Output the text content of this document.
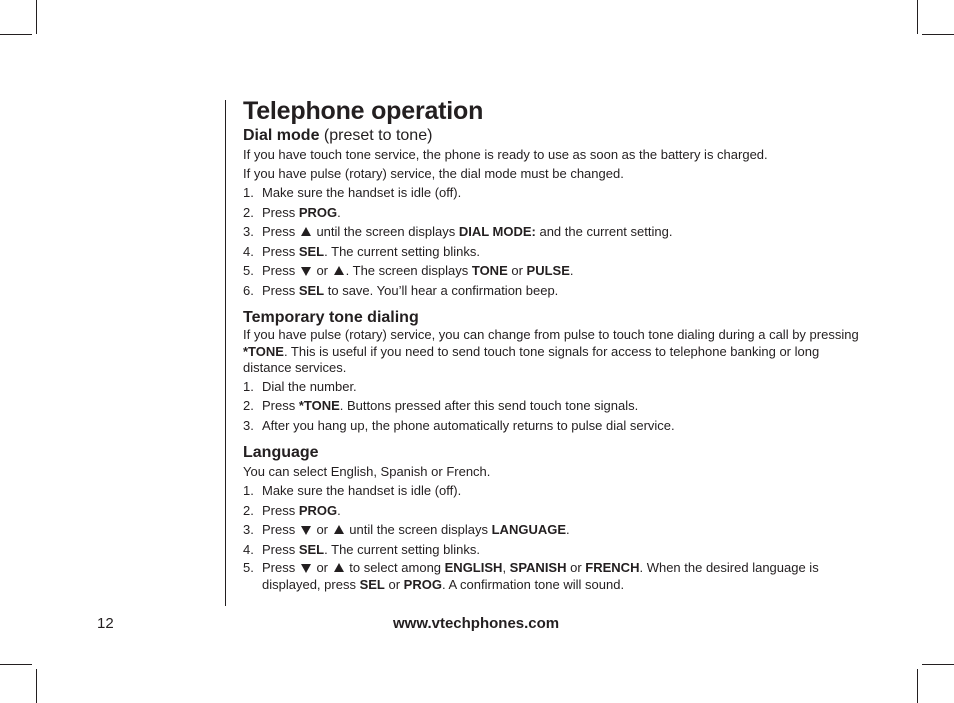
Telephone operation
Dial mode (preset to tone)

If you have touch tone service, the phone is ready to use as soon as the battery is charged.

If you have pulse (rotary) service, the dial mode must be changed.

1. Make sure the handset is idle (off).
2. Press PROG.
3. Press  until the screen displays DIAL MODE: and the current setting.
4. Press SEL. The current setting blinks.
5. Press  or . The screen displays TONE or PULSE.
6. Press SEL to save. You’ll hear a confirmation beep.
Temporary tone dialing

If you have pulse (rotary) service, you can change from pulse to touch tone dialing during a call by pressing *TONE. This is useful if you need to send touch tone signals for access to telephone banking or long distance services.

1. Dial the number.
2. Press *TONE. Buttons pressed after this send touch tone signals.
3. After you hang up, the phone automatically returns to pulse dial service.
Language

You can select English, Spanish or French.

1. Make sure the handset is idle (off).
2. Press PROG.
3. Press  or  until the screen displays LANGUAGE.
4. Press SEL. The current setting blinks.
5. Press  or  to select among ENGLISH, SPANISH or FRENCH. When the desired language is displayed, press SEL or PROG. A confirmation tone will sound.
12	www.vtechphones.com
